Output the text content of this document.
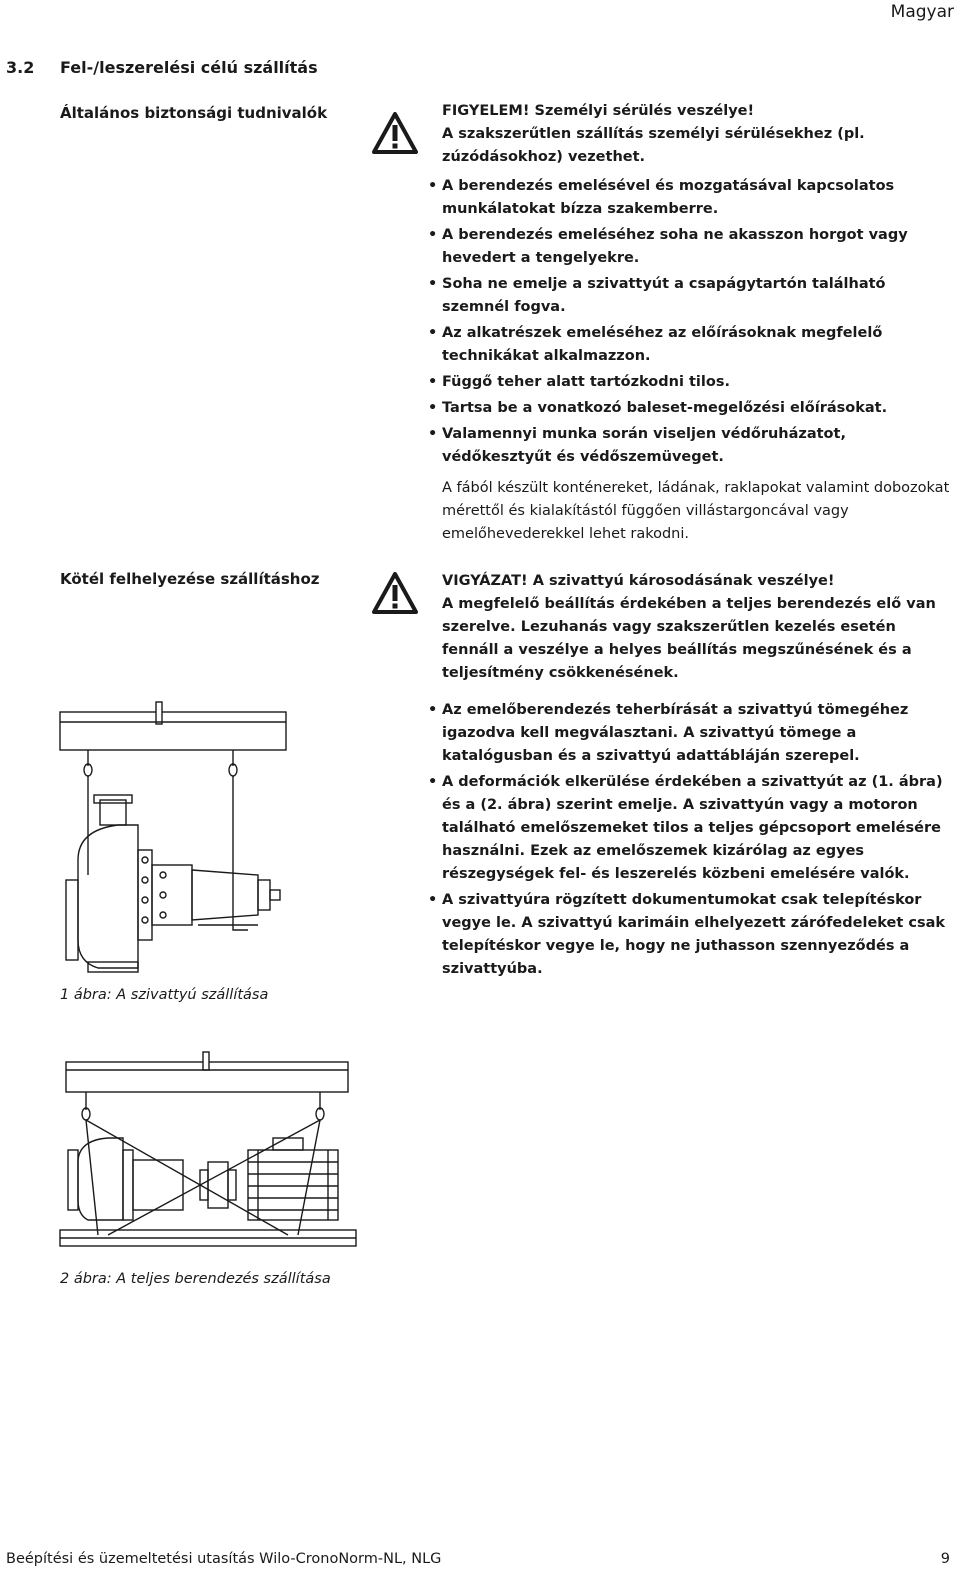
Magyar
3.2 Fel-/leszerelési célú szállítás
Általános biztonsági tudnivalók	FIGYELEM! Személyi sérülés veszélye!

A szakszerűtlen szállítás személyi sérülésekhez (pl. zúzódásokhoz) vezethet.

• A berendezés emelésével és mozgatásával kapcsolatos munkálatokat bízza szakemberre.
• A berendezés emeléséhez soha ne akasszon horgot vagy hevedert a tengelyekre.
• Soha ne emelje a szivattyút a csapágytartón található szemnél fogva.
• Az alkatrészek emeléséhez az előírásoknak megfelelő technikákat alkalmazzon.
• Függő teher alatt tartózkodni tilos.
• Tartsa be a vonatkozó baleset-megelőzési előírásokat.
• Valamennyi munka során viseljen védőruházatot, védőkesztyűt és védőszemüveget.

A fából készült konténereket, ládának, raklapokat valamint dobozokat mérettől és kialakítástól függően villástargoncával vagy emelőhevederekkel lehet rakodni.

Kötél felhelyezése szállításhoz	VIGYÁZAT! A szivattyú károsodásának veszélye!

A megfelelő beállítás érdekében a teljes berendezés elő van szerelve. Lezuhanás vagy szakszerűtlen kezelés esetén fennáll a veszélye a helyes beállítás megszűnésének és a teljesítmény csökkenésének.

• Az emelőberendezés teherbírását a szivattyú tömegéhez igazodva kell megválasztani. A szivattyú tömege a katalógusban és a szivattyú adattábláján szerepel.
• A deformációk elkerülése érdekében a szivattyút az (1. ábra) és a (2. ábra) szerint emelje. A szivattyún vagy a motoron található emelőszemeket tilos a teljes gépcsoport emelésére használni. Ezek az emelőszemek kizárólag az egyes részegységek fel- és leszerelés közbeni emelésére valók.
• A szivattyúra rögzített dokumentumokat csak telepítéskor vegye le. A szivattyú karimáin elhelyezett zárófedeleket csak telepítéskor vegye le, hogy ne juthasson szennyeződés a szivattyúba.
1 ábra: A szivattyú szállítása
2 ábra: A teljes berendezés szállítása
Beépítési és üzemeltetési utasítás Wilo-CronoNorm-NL, NLG	9
